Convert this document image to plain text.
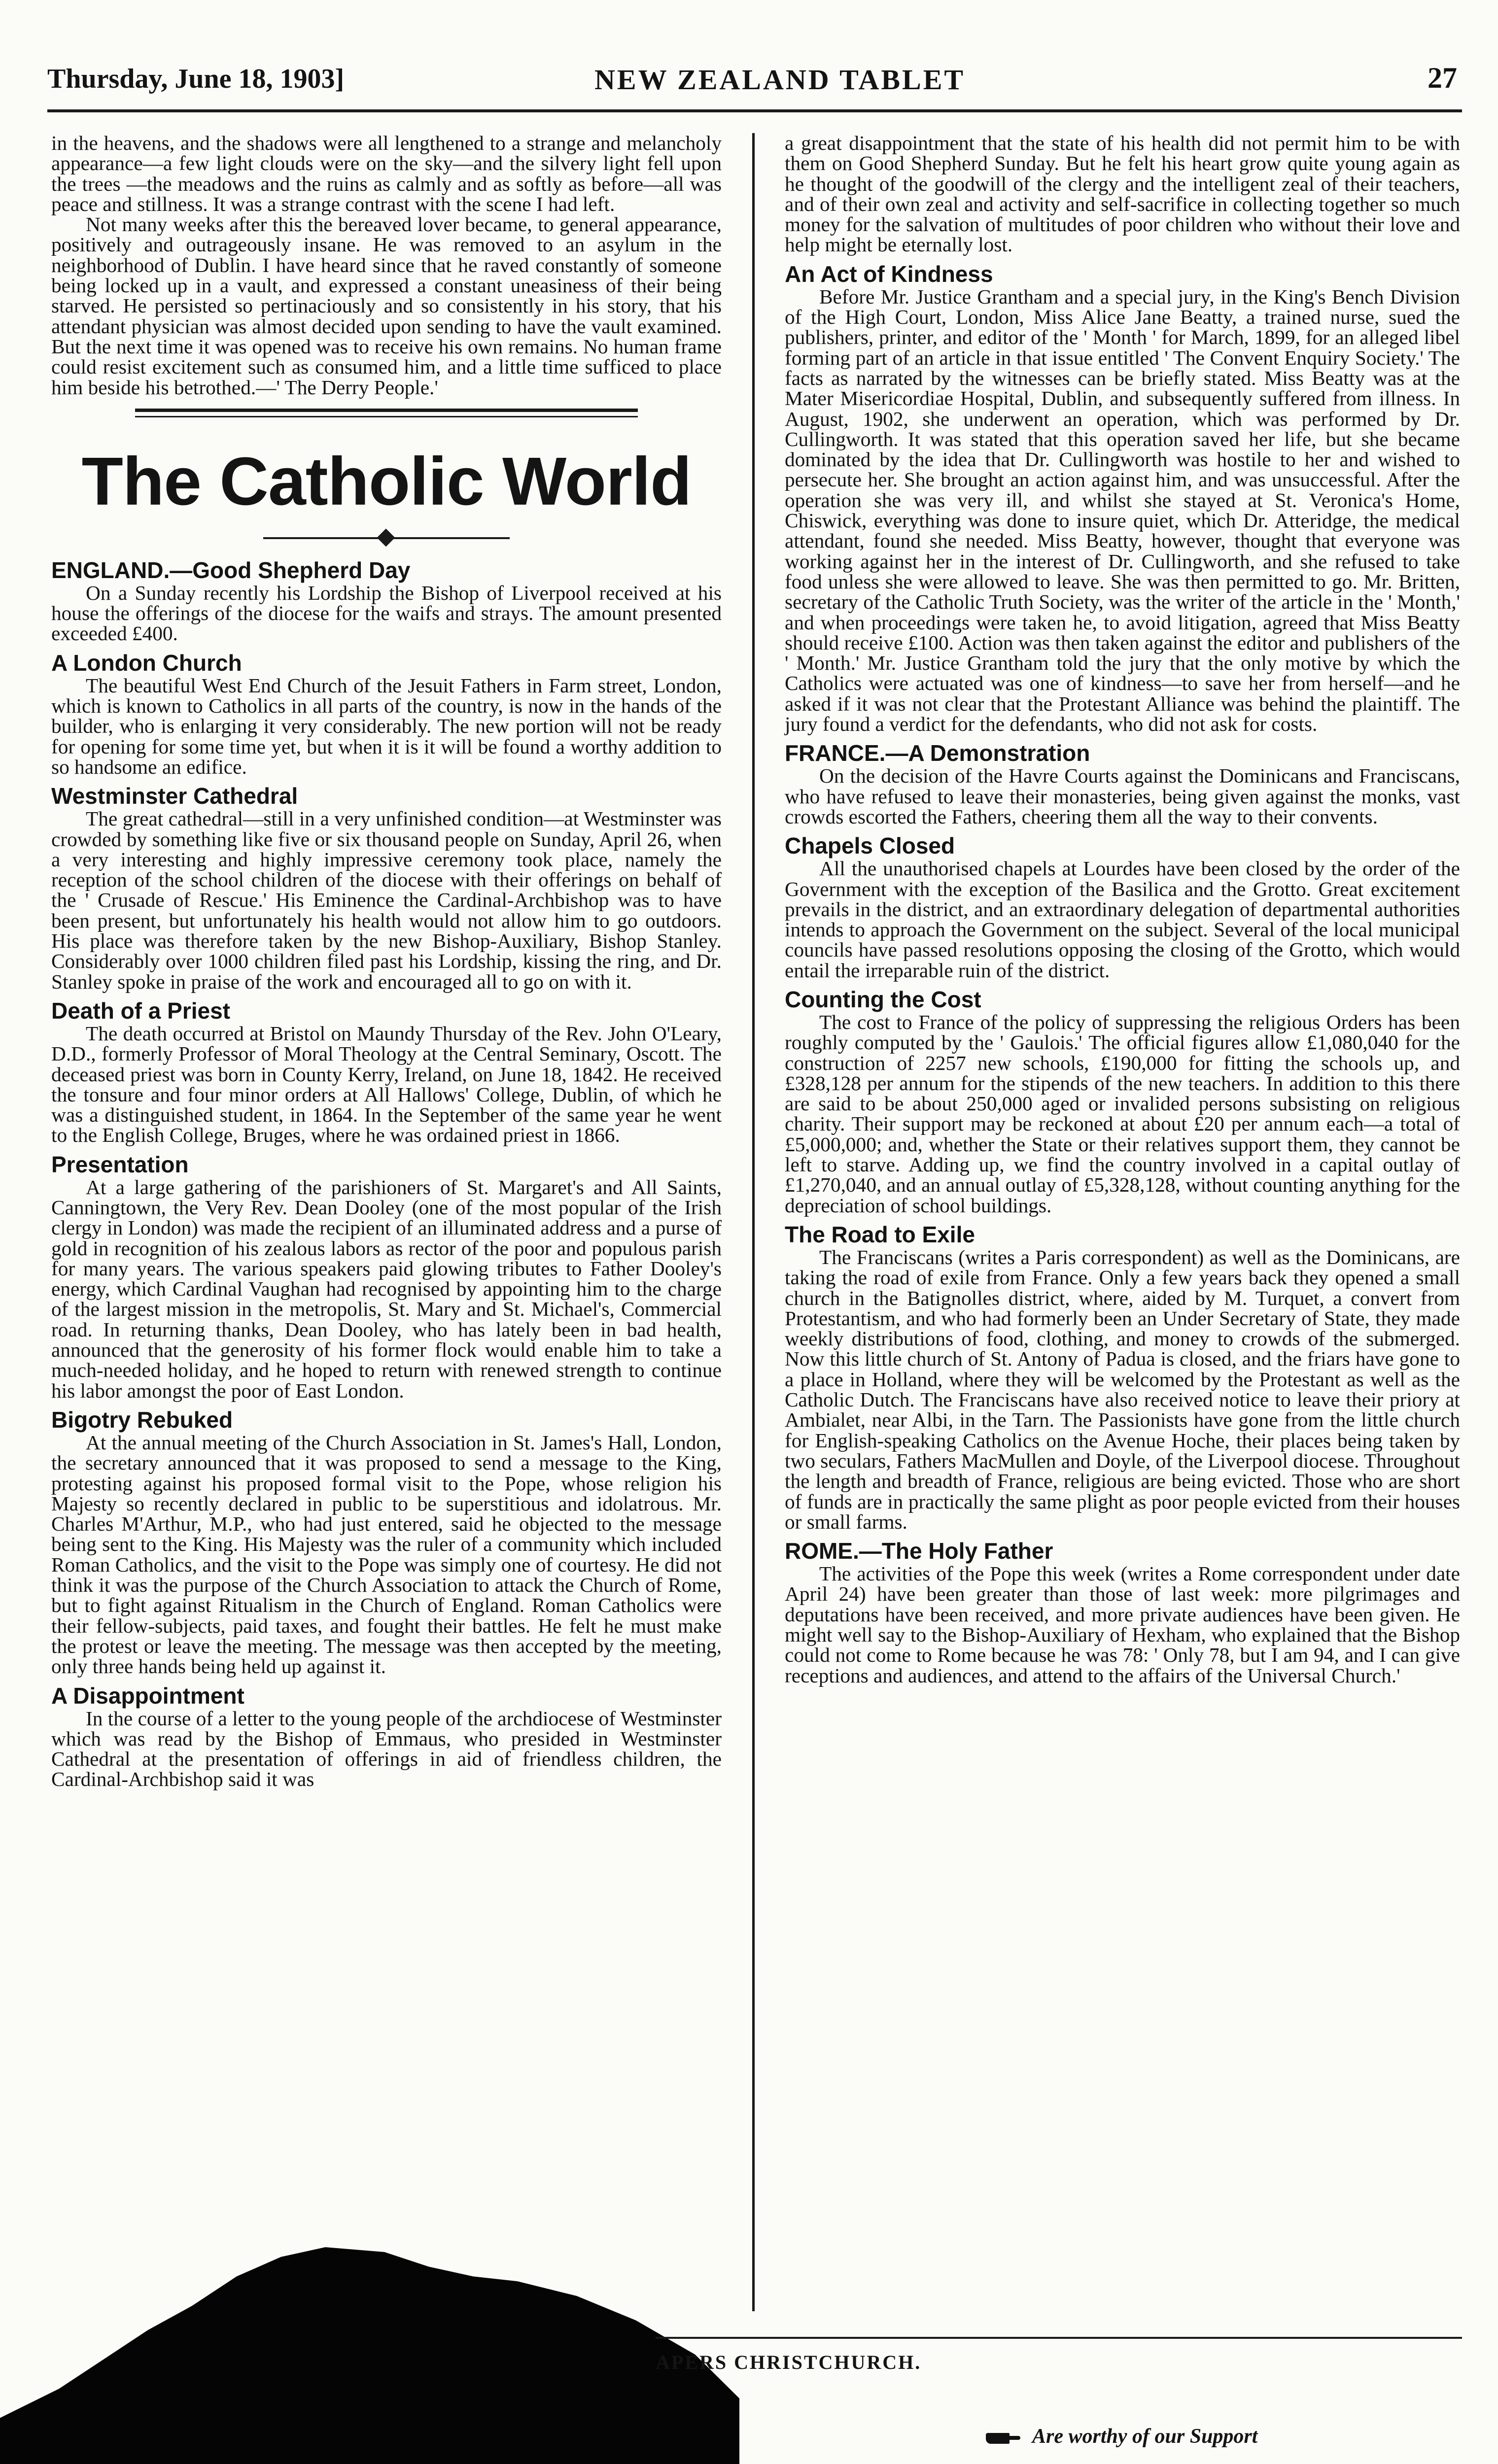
Thursday, June 18, 1903]	NEW ZEALAND TABLET	27

in the heavens, and the shadows were all lengthened to a strange and melancholy appearance—a few light clouds were on the sky—and the silvery light fell upon the trees —the meadows and the ruins as calmly and as softly as before—all was peace and stillness. It was a strange contrast with the scene I had left.

Not many weeks after this the bereaved lover became, to general appearance, positively and outrageously insane. He was removed to an asylum in the neighborhood of Dublin. I have heard since that he raved constantly of someone being locked up in a vault, and expressed a constant uneasiness of their being starved. He persisted so pertinaciously and so consistently in his story, that his attendant physician was almost decided upon sending to have the vault examined. But the next time it was opened was to receive his own remains. No human frame could resist excitement such as consumed him, and a little time sufficed to place him beside his betrothed.—' The Derry People.'

The Catholic World
ENGLAND.—Good Shepherd Day

On a Sunday recently his Lordship the Bishop of Liverpool received at his house the offerings of the diocese for the waifs and strays. The amount presented exceeded £400.

A London Church

The beautiful West End Church of the Jesuit Fathers in Farm street, London, which is known to Catholics in all parts of the country, is now in the hands of the builder, who is enlarging it very considerably. The new portion will not be ready for opening for some time yet, but when it is it will be found a worthy addition to so handsome an edifice.

Westminster Cathedral

The great cathedral—still in a very unfinished condition—at Westminster was crowded by something like five or six thousand people on Sunday, April 26, when a very interesting and highly impressive ceremony took place, namely the reception of the school children of the diocese with their offerings on behalf of the ' Crusade of Rescue.' His Eminence the Cardinal-Archbishop was to have been present, but unfortunately his health would not allow him to go outdoors. His place was therefore taken by the new Bishop-Auxiliary, Bishop Stanley. Considerably over 1000 children filed past his Lordship, kissing the ring, and Dr. Stanley spoke in praise of the work and encouraged all to go on with it.

Death of a Priest

The death occurred at Bristol on Maundy Thursday of the Rev. John O'Leary, D.D., formerly Professor of Moral Theology at the Central Seminary, Oscott. The deceased priest was born in County Kerry, Ireland, on June 18, 1842. He received the tonsure and four minor orders at All Hallows' College, Dublin, of which he was a distinguished student, in 1864. In the September of the same year he went to the English College, Bruges, where he was ordained priest in 1866.

Presentation

At a large gathering of the parishioners of St. Margaret's and All Saints, Canningtown, the Very Rev. Dean Dooley (one of the most popular of the Irish clergy in London) was made the recipient of an illuminated address and a purse of gold in recognition of his zealous labors as rector of the poor and populous parish for many years. The various speakers paid glowing tributes to Father Dooley's energy, which Cardinal Vaughan had recognised by appointing him to the charge of the largest mission in the metropolis, St. Mary and St. Michael's, Commercial road. In returning thanks, Dean Dooley, who has lately been in bad health, announced that the generosity of his former flock would enable him to take a much-needed holiday, and he hoped to return with renewed strength to continue his labor amongst the poor of East London.

Bigotry Rebuked

At the annual meeting of the Church Association in St. James's Hall, London, the secretary announced that it was proposed to send a message to the King, protesting against his proposed formal visit to the Pope, whose religion his Majesty so recently declared in public to be superstitious and idolatrous. Mr. Charles M'Arthur, M.P., who had just entered, said he objected to the message being sent to the King. His Majesty was the ruler of a community which included Roman Catholics, and the visit to the Pope was simply one of courtesy. He did not think it was the purpose of the Church Association to attack the Church of Rome, but to fight against Ritualism in the Church of England. Roman Catholics were their fellow-subjects, paid taxes, and fought their battles. He felt he must make the protest or leave the meeting. The message was then accepted by the meeting, only three hands being held up against it.

A Disappointment

In the course of a letter to the young people of the archdiocese of Westminster which was read by the Bishop of Emmaus, who presided in Westminster Cathedral at the presentation of offerings in aid of friendless children, the Cardinal-Archbishop said it was

a great disappointment that the state of his health did not permit him to be with them on Good Shepherd Sunday. But he felt his heart grow quite young again as he thought of the goodwill of the clergy and the intelligent zeal of their teachers, and of their own zeal and activity and self-sacrifice in collecting together so much money for the salvation of multitudes of poor children who without their love and help might be eternally lost.

An Act of Kindness

Before Mr. Justice Grantham and a special jury, in the King's Bench Division of the High Court, London, Miss Alice Jane Beatty, a trained nurse, sued the publishers, printer, and editor of the ' Month ' for March, 1899, for an alleged libel forming part of an article in that issue entitled ' The Convent Enquiry Society.' The facts as narrated by the witnesses can be briefly stated. Miss Beatty was at the Mater Misericordiae Hospital, Dublin, and subsequently suffered from illness. In August, 1902, she underwent an operation, which was performed by Dr. Cullingworth. It was stated that this operation saved her life, but she became dominated by the idea that Dr. Cullingworth was hostile to her and wished to persecute her. She brought an action against him, and was unsuccessful. After the operation she was very ill, and whilst she stayed at St. Veronica's Home, Chiswick, everything was done to insure quiet, which Dr. Atteridge, the medical attendant, found she needed. Miss Beatty, however, thought that everyone was working against her in the interest of Dr. Cullingworth, and she refused to take food unless she were allowed to leave. She was then permitted to go. Mr. Britten, secretary of the Catholic Truth Society, was the writer of the article in the ' Month,' and when proceedings were taken he, to avoid litigation, agreed that Miss Beatty should receive £100. Action was then taken against the editor and publishers of the ' Month.' Mr. Justice Grantham told the jury that the only motive by which the Catholics were actuated was one of kindness—to save her from herself—and he asked if it was not clear that the Protestant Alliance was behind the plaintiff. The jury found a verdict for the defendants, who did not ask for costs.

FRANCE.—A Demonstration

On the decision of the Havre Courts against the Dominicans and Franciscans, who have refused to leave their monasteries, being given against the monks, vast crowds escorted the Fathers, cheering them all the way to their convents.

Chapels Closed

All the unauthorised chapels at Lourdes have been closed by the order of the Government with the exception of the Basilica and the Grotto. Great excitement prevails in the district, and an extraordinary delegation of departmental authorities intends to approach the Government on the subject. Several of the local municipal councils have passed resolutions opposing the closing of the Grotto, which would entail the irreparable ruin of the district.

Counting the Cost

The cost to France of the policy of suppressing the religious Orders has been roughly computed by the ' Gaulois.' The official figures allow £1,080,040 for the construction of 2257 new schools, £190,000 for fitting the schools up, and £328,128 per annum for the stipends of the new teachers. In addition to this there are said to be about 250,000 aged or invalided persons subsisting on religious charity. Their support may be reckoned at about £20 per annum each—a total of £5,000,000; and, whether the State or their relatives support them, they cannot be left to starve. Adding up, we find the country involved in a capital outlay of £1,270,040, and an annual outlay of £5,328,128, without counting anything for the depreciation of school buildings.

The Road to Exile

The Franciscans (writes a Paris correspondent) as well as the Dominicans, are taking the road of exile from France. Only a few years back they opened a small church in the Batignolles district, where, aided by M. Turquet, a convert from Protestantism, and who had formerly been an Under Secretary of State, they made weekly distributions of food, clothing, and money to crowds of the submerged. Now this little church of St. Antony of Padua is closed, and the friars have gone to a place in Holland, where they will be welcomed by the Protestant as well as the Catholic Dutch. The Franciscans have also received notice to leave their priory at Ambialet, near Albi, in the Tarn. The Passionists have gone from the little church for English-speaking Catholics on the Avenue Hoche, their places being taken by two seculars, Fathers MacMullen and Doyle, of the Liverpool diocese. Throughout the length and breadth of France, religious are being evicted. Those who are short of funds are in practically the same plight as poor people evicted from their houses or small farms.

ROME.—The Holy Father

The activities of the Pope this week (writes a Rome correspondent under date April 24) have been greater than those of last week: more pilgrimages and deputations have been received, and more private audiences have been given. He might well say to the Bishop-Auxiliary of Hexham, who explained that the Bishop could not come to Rome because he was 78: ' Only 78, but I am 94, and I can give receptions and audiences, and attend to the affairs of the Universal Church.'

APERS CHRISTCHURCH.
Are worthy of our Support
